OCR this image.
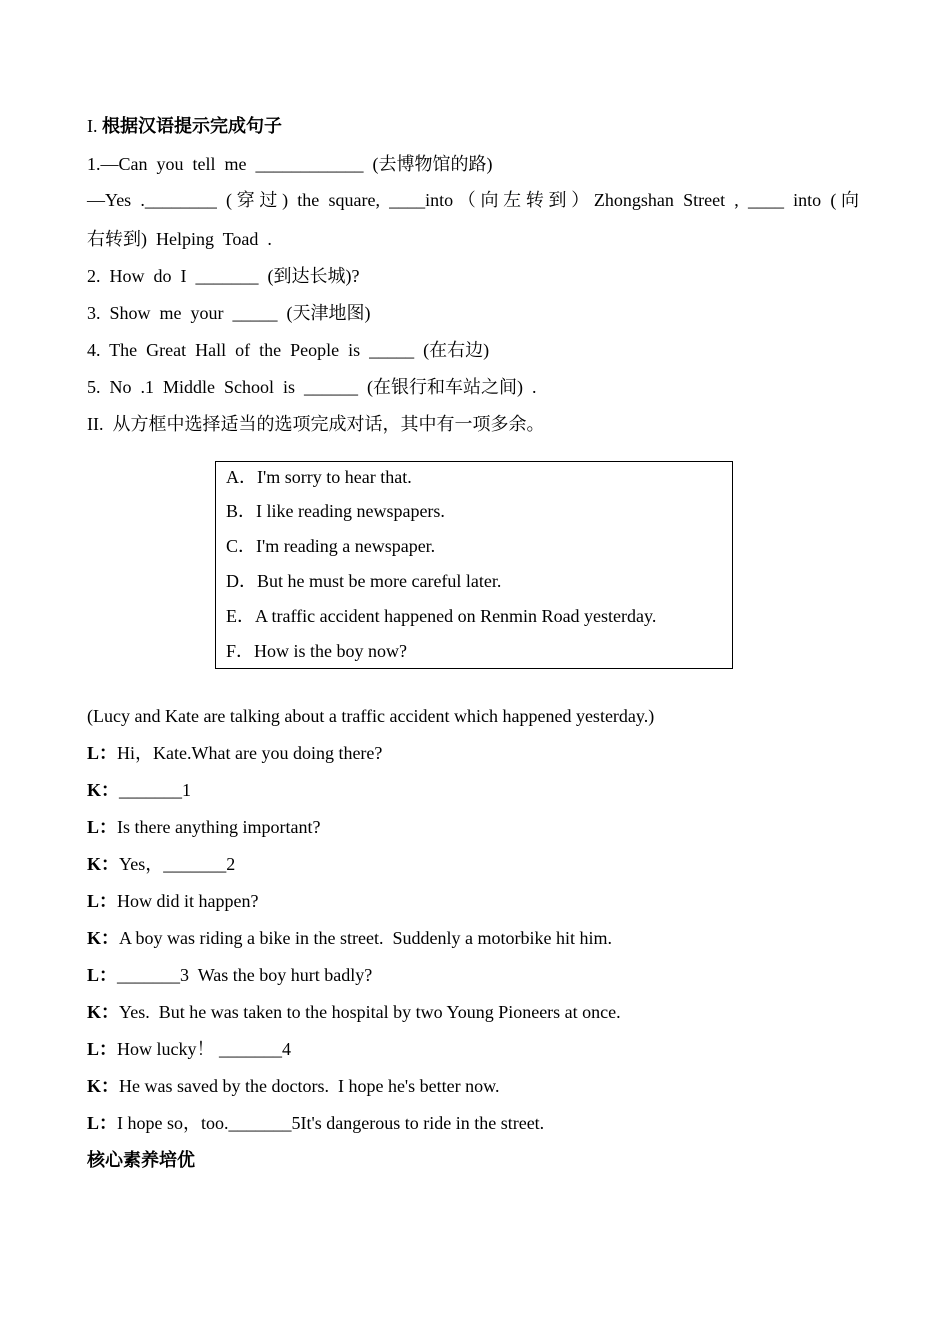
I. 根据汉语提示完成句子
1.—Can  you  tell  me  ____________  (去博物馆的路)
—Yes .________ (穿过) the square, ____into（向左转到）Zhongshan Street , ____ into (向
右转到)  Helping  Toad  .
2.  How  do  I  _______  (到达长城)?
3.  Show  me  your  _____  (天津地图)
4.  The  Great  Hall  of  the  People  is  _____  (在右边)
5.  No  .1  Middle  School  is  ______  (在银行和车站之间)  .
II.  从方框中选择适当的选项完成对话，其中有一项多余。
A．I'm sorry to hear that.
B．I like reading newspapers.
C．I'm reading a newspaper.
D．But he must be more careful later.
E．A traffic accident happened on Renmin Road yesterday.
F．How is the boy now?
(Lucy and Kate are talking about a traffic accident which happened yesterday.)
L：Hi，Kate.What are you doing there?
K：_______1
L：Is there anything important?
K：Yes，_______2
L：How did it happen?
K：A boy was riding a bike in the street.  Suddenly a motorbike hit him.
L：_______3  Was the boy hurt badly?
K：Yes.  But he was taken to the hospital by two Young Pioneers at once.
L：How lucky！ _______4
K：He was saved by the doctors.  I hope he's better now.
L：I hope so，too._______5It's dangerous to ride in the street.
核心素养培优
